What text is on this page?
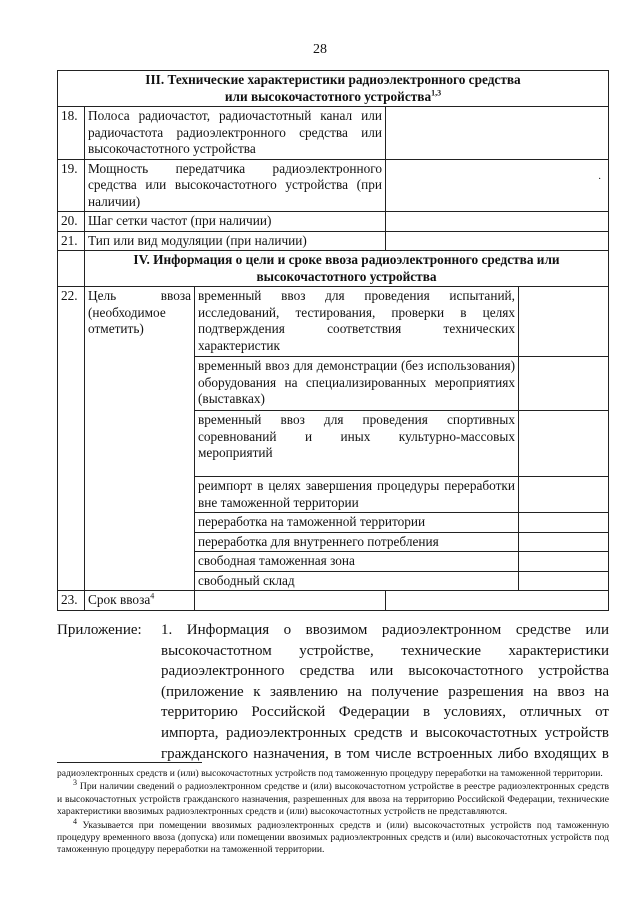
28
III. Технические характеристики радиоэлектронного средства
или высокочастотного устройства$^{1,3}$
18.	Полоса радиочастот, радиочастотный канал или радиочастота радиоэлектронного средства или высокочастотного устройства			
19.	Мощность передатчика радиоэлектронного средства или высокочастотного устройства (при наличии)			
20.	Шаг сетки частот (при наличии)			
21.	Тип или вид модуляции (при наличии)			
	IV. Информация о цели и сроке ввоза радиоэлектронного средства или
высокочастотного устройства			
22.	Цель ввоза (необходимое отметить)	временный ввоз для проведения испытаний, исследований, тестирования, проверки в целях подтверждения соответствия технических характеристик		
		временный ввоз для демонстрации (без использования) оборудования на специализированных мероприятиях (выставках)		
		временный ввоз для проведения спортивных соревнований и иных культурно-массовых мероприятий		
		реимпорт в целях завершения процедуры переработки вне таможенной территории		
		переработка на таможенной территории		
		переработка для внутреннего потребления		
		свободная таможенная зона		
		свободный склад		
23.	Срок ввоза$^4$		
·
Приложение: 1. Информация о ввозимом радиоэлектронном средстве или высокочастотном устройстве, технические характеристики радиоэлектронного средства или высокочастотного устройства (приложение к заявлению на получение разрешения на ввоз на территорию Российской Федерации в условиях, отличных от импорта, радиоэлектронных средств и высокочастотных устройств гражданского назначения, в том числе встроенных либо входящих в

радиоэлектронных средств и (или) высокочастотных устройств под таможенную процедуру переработки на таможенной территории.

$^3$ При наличии сведений о радиоэлектронном средстве и (или) высокочастотном устройстве в реестре радиоэлектронных средств и высокочастотных устройств гражданского назначения, разрешенных для ввоза на территорию Российской Федерации, технические характеристики ввозимых радиоэлектронных средств и (или) высокочастотных устройств не представляются.

$^4$ Указывается при помещении ввозимых радиоэлектронных средств и (или) высокочастотных устройств под таможенную процедуру временного ввоза (допуска) или помещении ввозимых радиоэлектронных средств и (или) высокочастотных устройств под таможенную процедуру переработки на таможенной территории.
